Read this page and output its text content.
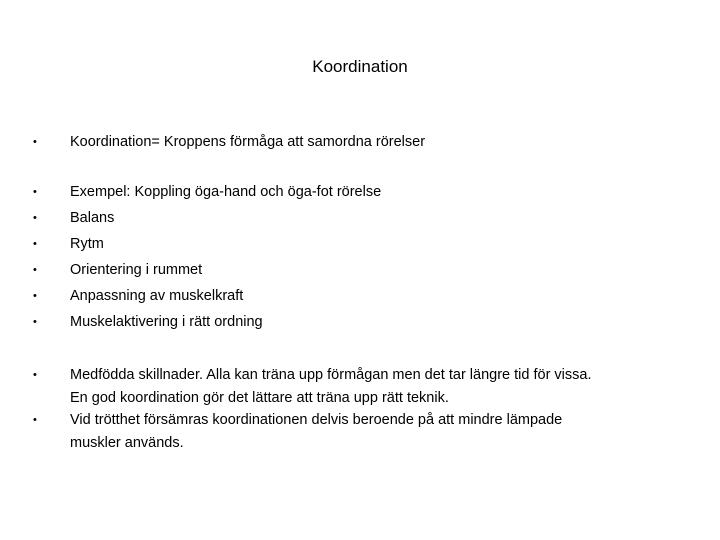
Koordination
•	Koordination= Kroppens förmåga att samordna rörelser
•	Exempel: Koppling öga-hand och öga-fot rörelse
•	Balans
•	Rytm
•	Orientering i rummet
•	Anpassning av muskelkraft
•	Muskelaktivering i rätt ordning
•	Medfödda skillnader. Alla kan träna upp förmågan men det tar längre tid för vissa.
En god koordination gör det lättare att träna upp rätt teknik.
•	Vid trötthet försämras koordinationen delvis beroende på att mindre lämpade
muskler används.
